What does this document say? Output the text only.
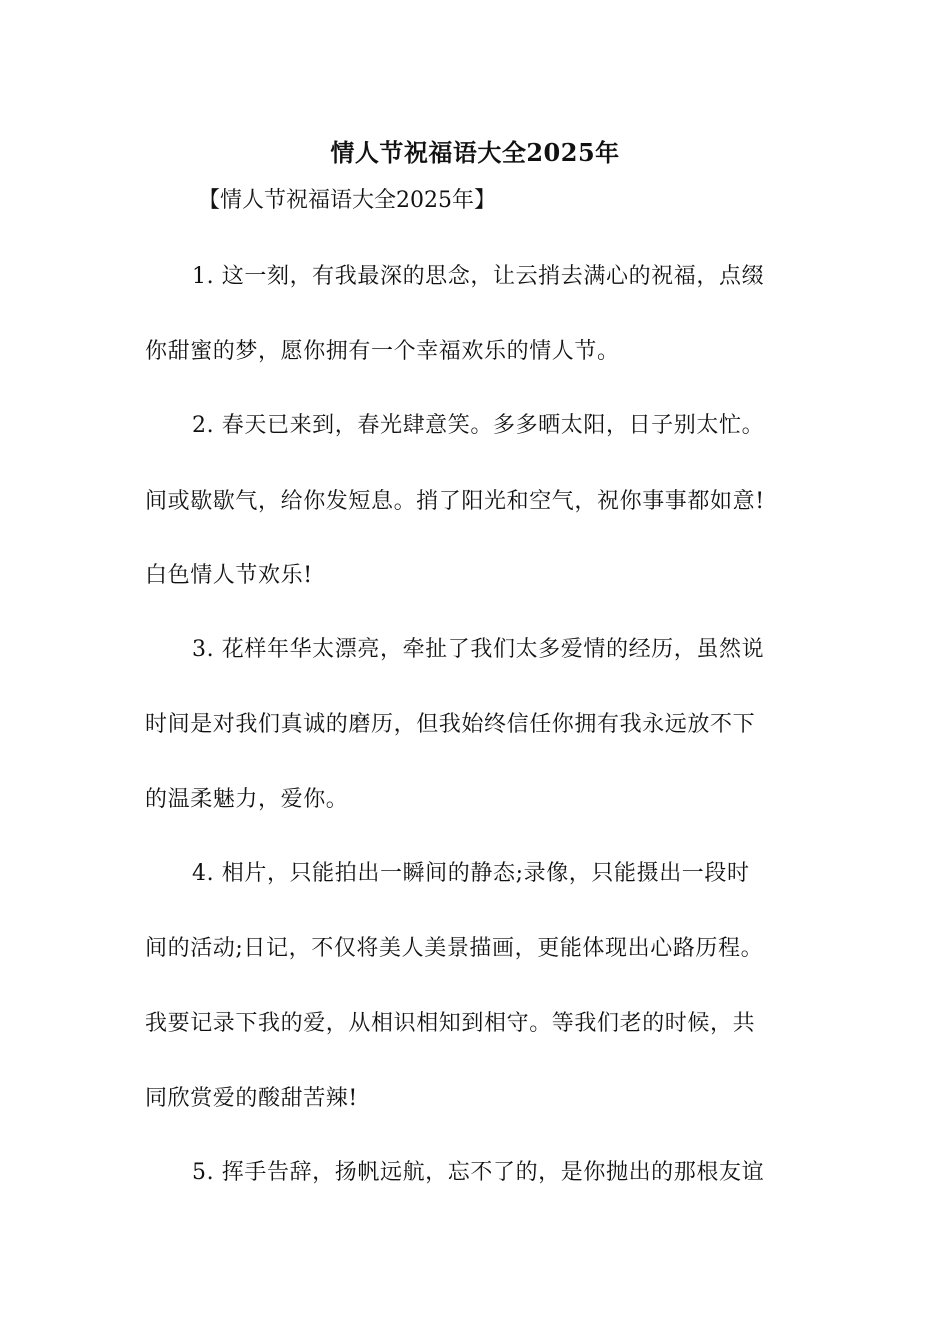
情人节祝福语大全2025年
【情人节祝福语大全2025年】
1. 这一刻，有我最深的思念，让云捎去满心的祝福，点缀
你甜蜜的梦，愿你拥有一个幸福欢乐的情人节。
2. 春天已来到，春光肆意笑。多多晒太阳，日子别太忙。
间或歇歇气，给你发短息。捎了阳光和空气，祝你事事都如意!
白色情人节欢乐!
3. 花样年华太漂亮，牵扯了我们太多爱情的经历，虽然说
时间是对我们真诚的磨历，但我始终信任你拥有我永远放不下
的温柔魅力，爱你。
4. 相片，只能拍出一瞬间的静态;录像，只能摄出一段时
间的活动;日记，不仅将美人美景描画，更能体现出心路历程。
我要记录下我的爱，从相识相知到相守。等我们老的时候，共
同欣赏爱的酸甜苦辣!
5. 挥手告辞，扬帆远航，忘不了的，是你抛出的那根友谊
